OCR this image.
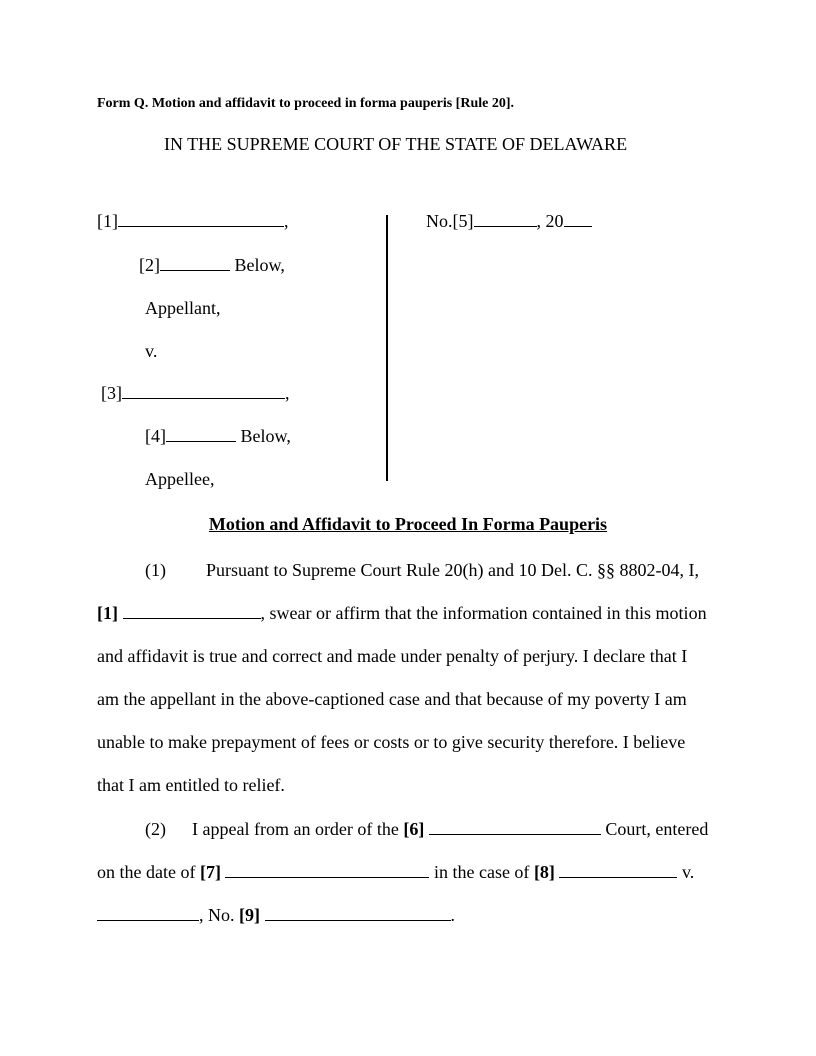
Form Q. Motion and affidavit to proceed in forma pauperis [Rule 20].
IN THE SUPREME COURT OF THE STATE OF DELAWARE
[1]	,
[2]	Below,
Appellant,
v.
[3]	,
[4]	Below,
Appellee,
No.[5]	, 20
Motion and Affidavit to Proceed In Forma Pauperis
(1) Pursuant to Supreme Court Rule 20(h) and 10 Del. C. §§ 8802-04, I,
[1]	, swear or affirm that the information contained in this motion
and affidavit is true and correct and made under penalty of perjury. I declare that I
am the appellant in the above-captioned case and that because of my poverty I am
unable to make prepayment of fees or costs or to give security therefore. I believe
that I am entitled to relief.
(2) I appeal from an order of the [6]	Court, entered
on the date of [7]	in the case of [8]	v.
, No. [9]	.
